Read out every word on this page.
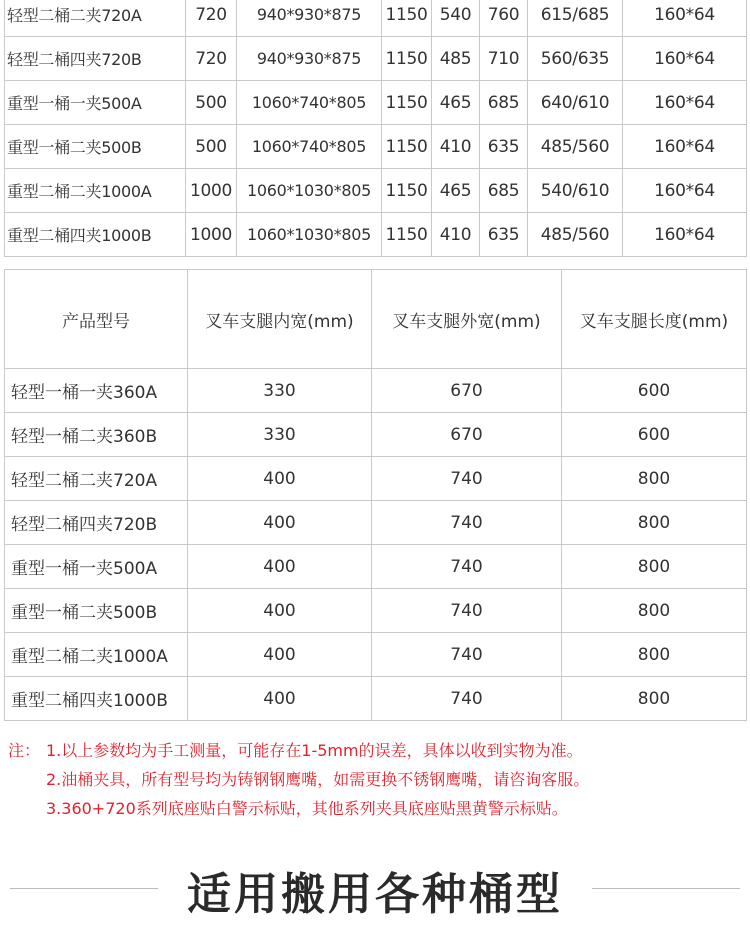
轻型二桶二夹720A	720	940*930*875	1150	540	760	615/685	160*64
轻型二桶四夹720B	720	940*930*875	1150	485	710	560/635	160*64
重型一桶一夹500A	500	1060*740*805	1150	465	685	640/610	160*64
重型一桶二夹500B	500	1060*740*805	1150	410	635	485/560	160*64
重型二桶二夹1000A	1000	1060*1030*805	1150	465	685	540/610	160*64
重型二桶四夹1000B	1000	1060*1030*805	1150	410	635	485/560	160*64
产品型号	叉车支腿内宽(mm)	叉车支腿外宽(mm)	叉车支腿长度(mm)
轻型一桶一夹360A	330	670	600
轻型一桶二夹360B	330	670	600
轻型二桶二夹720A	400	740	800
轻型二桶四夹720B	400	740	800
重型一桶一夹500A	400	740	800
重型一桶二夹500B	400	740	800
重型二桶二夹1000A	400	740	800
重型二桶四夹1000B	400	740	800
注： 1.以上参数均为手工测量，可能存在1-5mm的误差，具体以收到实物为准。
2.油桶夹具，所有型号均为铸钢钢鹰嘴，如需更换不锈钢鹰嘴，请咨询客服。
3.360+720系列底座贴白警示标贴，其他系列夹具底座贴黑黄警示标贴。
适用搬用各种桶型
